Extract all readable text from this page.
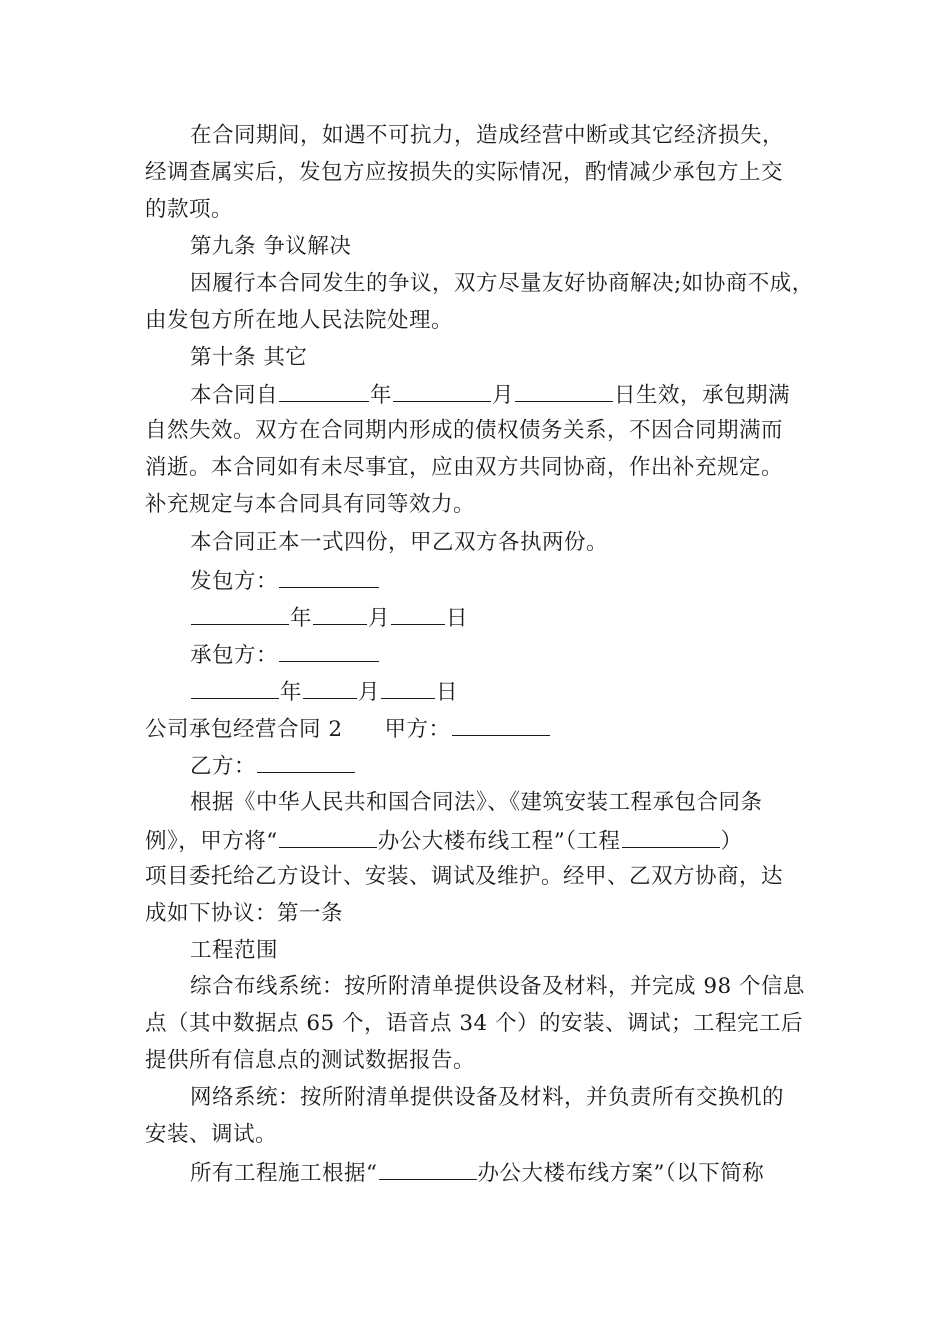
在合同期间，如遇不可抗力，造成经营中断或其它经济损失，
经调查属实后，发包方应按损失的实际情况，酌情减少承包方上交
的款项。
第九条 争议解决
因履行本合同发生的争议，双方尽量友好协商解决;如协商不成，
由发包方所在地人民法院处理。
第十条 其它
本合同自	年	月	日生效，承包期满
自然失效。双方在合同期内形成的债权债务关系，不因合同期满而
消逝。本合同如有未尽事宜，应由双方共同协商，作出补充规定。
补充规定与本合同具有同等效力。
本合同正本一式四份，甲乙双方各执两份。
发包方：
年	月	日
承包方：
年	月	日
公司承包经营合同 2 甲方：
乙方：
根据《中华人民共和国合同法》、《建筑安装工程承包合同条
例》，甲方将“	办公大楼布线工程”（工程	）
项目委托给乙方设计、安装、调试及维护。经甲、乙双方协商，达
成如下协议：第一条
工程范围
综合布线系统：按所附清单提供设备及材料，并完成 98 个信息
点（其中数据点 65 个，语音点 34 个）的安装、调试；工程完工后
提供所有信息点的测试数据报告。
网络系统：按所附清单提供设备及材料，并负责所有交换机的
安装、调试。
所有工程施工根据“	办公大楼布线方案”（以下简称
